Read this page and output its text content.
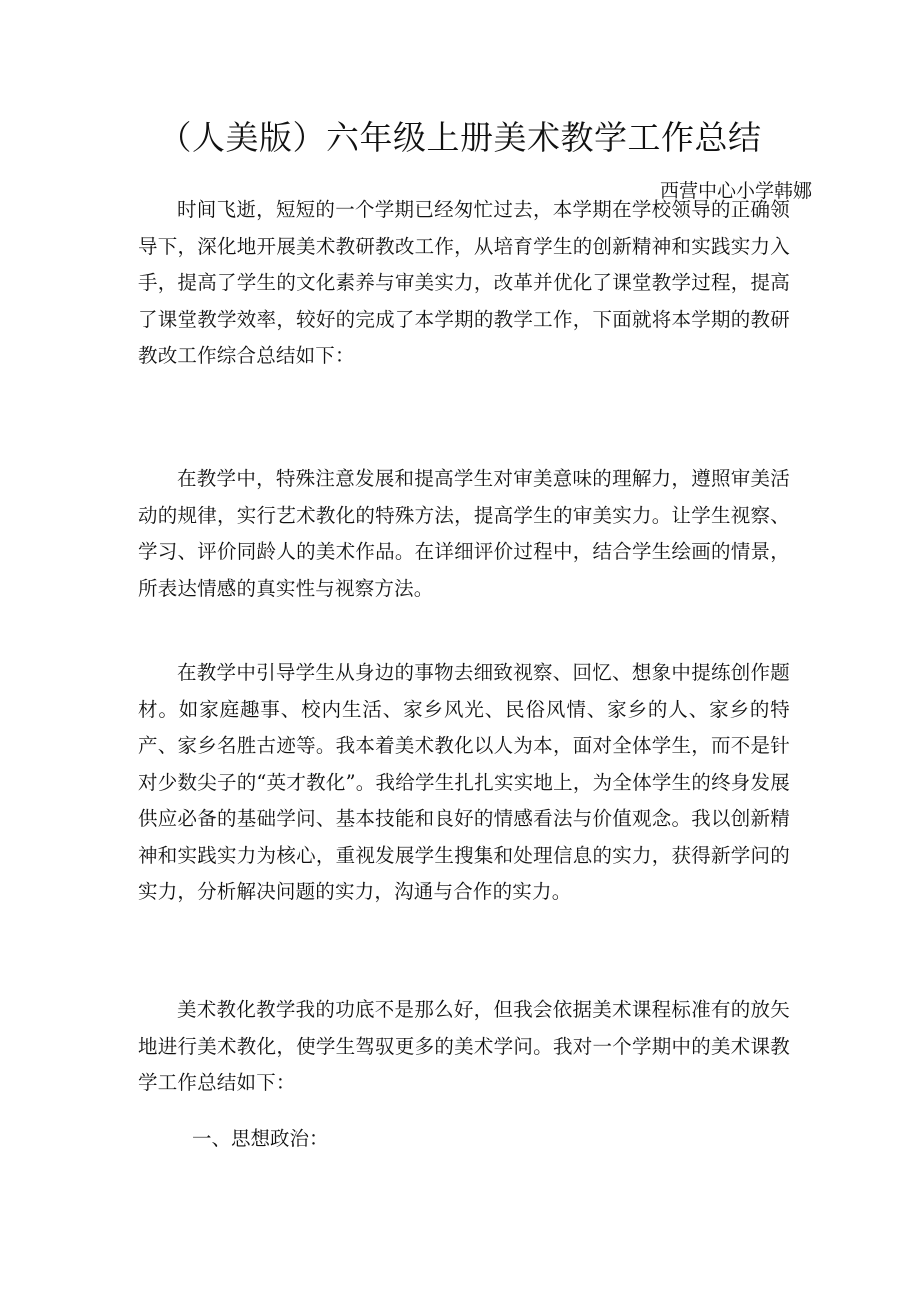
（人美版）六年级上册美术教学工作总结

西营中心小学韩娜

时间飞逝，短短的一个学期已经匆忙过去，本学期在学校领导的正确领导下，深化地开展美术教研教改工作，从培育学生的创新精神和实践实力入手，提高了学生的文化素养与审美实力，改革并优化了课堂教学过程，提高了课堂教学效率，较好的完成了本学期的教学工作，下面就将本学期的教研教改工作综合总结如下：

在教学中，特殊注意发展和提高学生对审美意味的理解力，遵照审美活动的规律，实行艺术教化的特殊方法，提高学生的审美实力。让学生视察、学习、评价同龄人的美术作品。在详细评价过程中，结合学生绘画的情景，所表达情感的真实性与视察方法。

在教学中引导学生从身边的事物去细致视察、回忆、想象中提练创作题材。如家庭趣事、校内生活、家乡风光、民俗风情、家乡的人、家乡的特产、家乡名胜古迹等。我本着美术教化以人为本，面对全体学生，而不是针对少数尖子的“英才教化”。我给学生扎扎实实地上，为全体学生的终身发展供应必备的基础学问、基本技能和良好的情感看法与价值观念。我以创新精神和实践实力为核心，重视发展学生搜集和处理信息的实力，获得新学问的实力，分析解决问题的实力，沟通与合作的实力。

美术教化教学我的功底不是那么好，但我会依据美术课程标准有的放矢地进行美术教化，使学生驾驭更多的美术学问。我对一个学期中的美术课教学工作总结如下：

一、思想政治：
